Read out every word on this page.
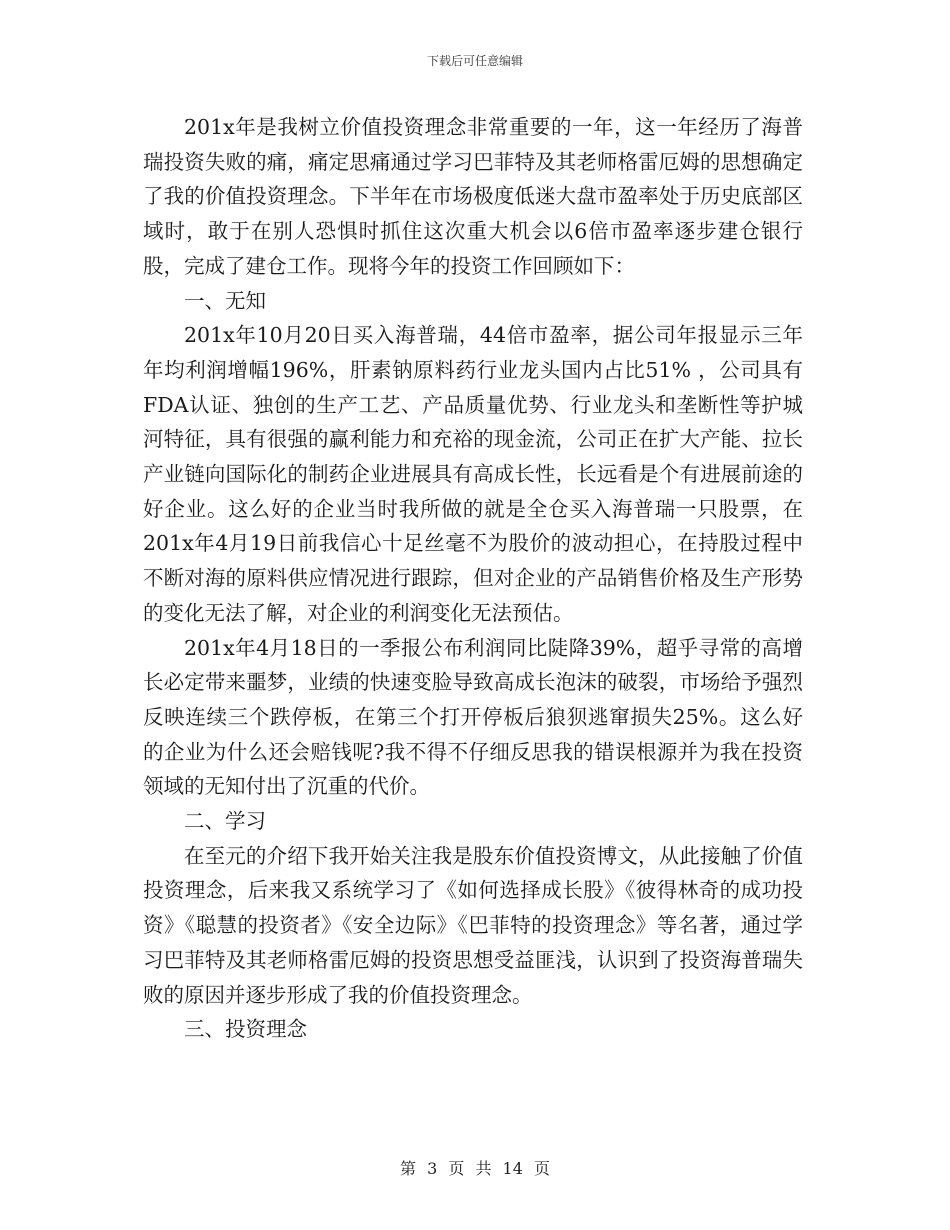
下载后可任意编辑

201x年是我树立价值投资理念非常重要的一年，这一年经历了海普瑞投资失败的痛，痛定思痛通过学习巴菲特及其老师格雷厄姆的思想确定了我的价值投资理念。下半年在市场极度低迷大盘市盈率处于历史底部区域时，敢于在别人恐惧时抓住这次重大机会以6倍市盈率逐步建仓银行股，完成了建仓工作。现将今年的投资工作回顾如下：

一、无知

201x年10月20日买入海普瑞，44倍市盈率，据公司年报显示三年年均利润增幅196%，肝素钠原料药行业龙头国内占比51% ，公司具有FDA认证、独创的生产工艺、产品质量优势、行业龙头和垄断性等护城河特征，具有很强的赢利能力和充裕的现金流，公司正在扩大产能、拉长产业链向国际化的制药企业进展具有高成长性，长远看是个有进展前途的好企业。这么好的企业当时我所做的就是全仓买入海普瑞一只股票，在201x年4月19日前我信心十足丝毫不为股价的波动担心，在持股过程中不断对海的原料供应情况进行跟踪，但对企业的产品销售价格及生产形势的变化无法了解，对企业的利润变化无法预估。

201x年4月18日的一季报公布利润同比陡降39%，超乎寻常的高增长必定带来噩梦，业绩的快速变脸导致高成长泡沫的破裂，市场给予强烈反映连续三个跌停板，在第三个打开停板后狼狈逃窜损失25%。这么好的企业为什么还会赔钱呢?我不得不仔细反思我的错误根源并为我在投资领域的无知付出了沉重的代价。

二、学习

在至元的介绍下我开始关注我是股东价值投资博文，从此接触了价值投资理念，后来我又系统学习了《如何选择成长股》《彼得林奇的成功投资》《聪慧的投资者》《安全边际》《巴菲特的投资理念》等名著，通过学习巴菲特及其老师格雷厄姆的投资思想受益匪浅，认识到了投资海普瑞失败的原因并逐步形成了我的价值投资理念。

三、投资理念

第 3 页 共 14 页
